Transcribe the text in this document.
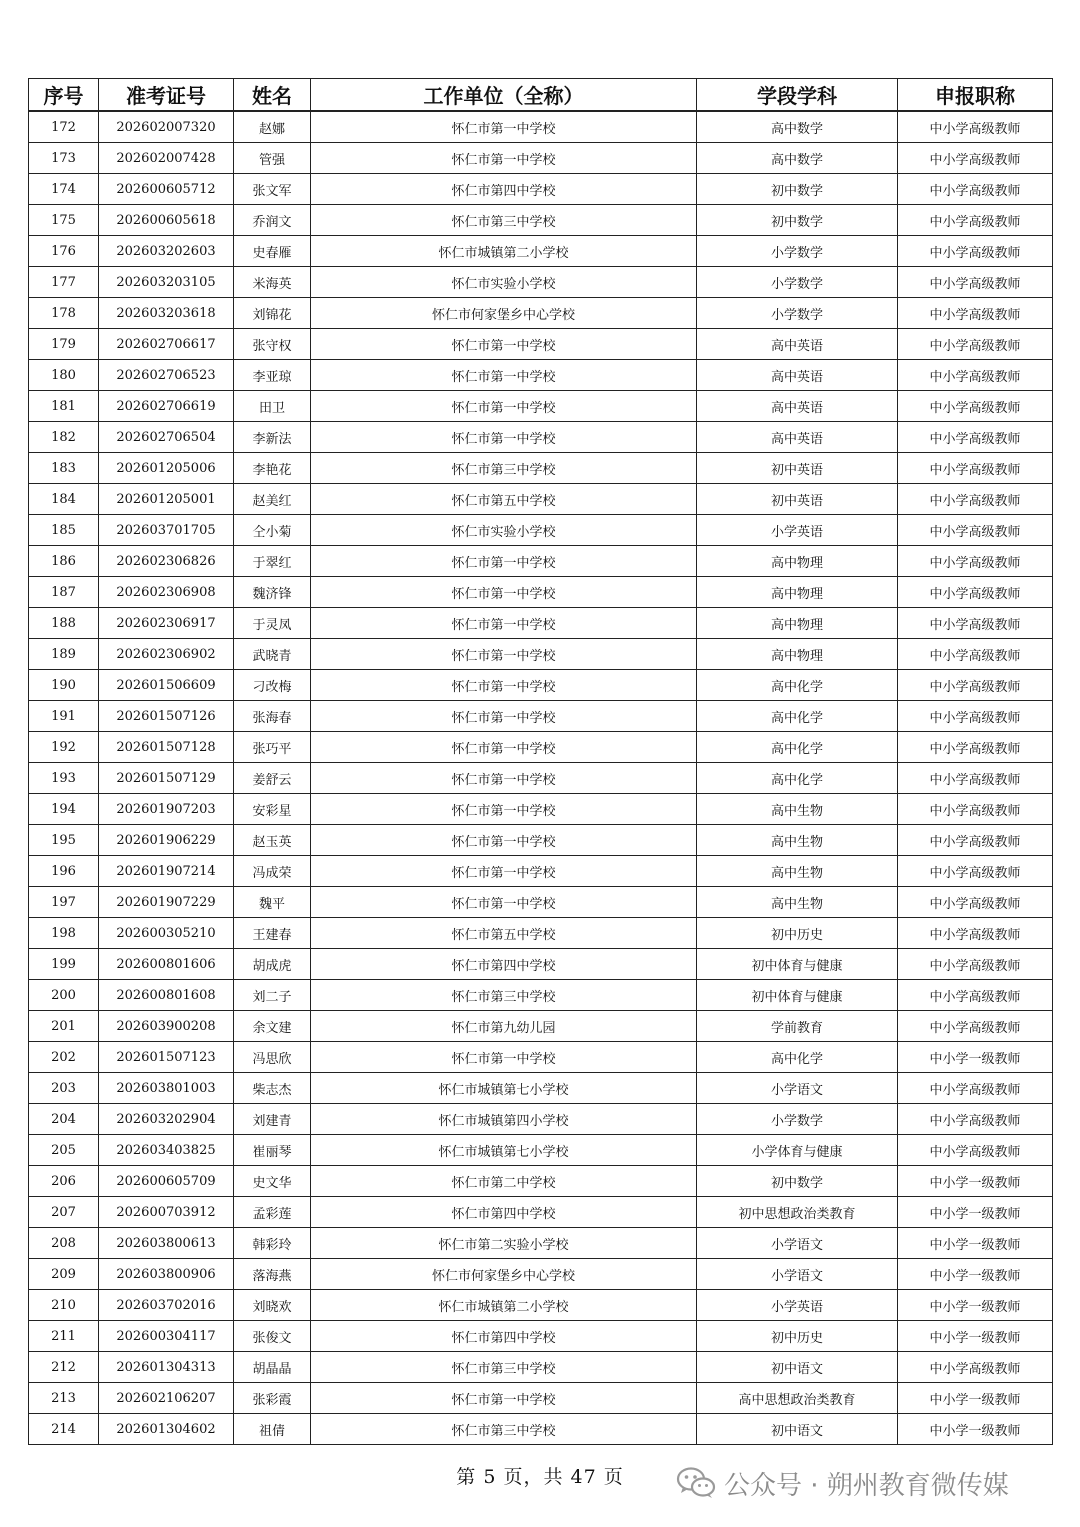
序号	准考证号	姓名	工作单位（全称）	学段学科	申报职称
172	202602007320	赵娜	怀仁市第一中学校	高中数学	中小学高级教师
173	202602007428	管强	怀仁市第一中学校	高中数学	中小学高级教师
174	202600605712	张文军	怀仁市第四中学校	初中数学	中小学高级教师
175	202600605618	乔润文	怀仁市第三中学校	初中数学	中小学高级教师
176	202603202603	史春雁	怀仁市城镇第二小学校	小学数学	中小学高级教师
177	202603203105	米海英	怀仁市实验小学校	小学数学	中小学高级教师
178	202603203618	刘锦花	怀仁市何家堡乡中心学校	小学数学	中小学高级教师
179	202602706617	张守权	怀仁市第一中学校	高中英语	中小学高级教师
180	202602706523	李亚琼	怀仁市第一中学校	高中英语	中小学高级教师
181	202602706619	田卫	怀仁市第一中学校	高中英语	中小学高级教师
182	202602706504	李新法	怀仁市第一中学校	高中英语	中小学高级教师
183	202601205006	李艳花	怀仁市第三中学校	初中英语	中小学高级教师
184	202601205001	赵美红	怀仁市第五中学校	初中英语	中小学高级教师
185	202603701705	仝小菊	怀仁市实验小学校	小学英语	中小学高级教师
186	202602306826	于翠红	怀仁市第一中学校	高中物理	中小学高级教师
187	202602306908	魏济锋	怀仁市第一中学校	高中物理	中小学高级教师
188	202602306917	于灵凤	怀仁市第一中学校	高中物理	中小学高级教师
189	202602306902	武晓青	怀仁市第一中学校	高中物理	中小学高级教师
190	202601506609	刁改梅	怀仁市第一中学校	高中化学	中小学高级教师
191	202601507126	张海春	怀仁市第一中学校	高中化学	中小学高级教师
192	202601507128	张巧平	怀仁市第一中学校	高中化学	中小学高级教师
193	202601507129	姜舒云	怀仁市第一中学校	高中化学	中小学高级教师
194	202601907203	安彩星	怀仁市第一中学校	高中生物	中小学高级教师
195	202601906229	赵玉英	怀仁市第一中学校	高中生物	中小学高级教师
196	202601907214	冯成荣	怀仁市第一中学校	高中生物	中小学高级教师
197	202601907229	魏平	怀仁市第一中学校	高中生物	中小学高级教师
198	202600305210	王建春	怀仁市第五中学校	初中历史	中小学高级教师
199	202600801606	胡成虎	怀仁市第四中学校	初中体育与健康	中小学高级教师
200	202600801608	刘二子	怀仁市第三中学校	初中体育与健康	中小学高级教师
201	202603900208	余文建	怀仁市第九幼儿园	学前教育	中小学高级教师
202	202601507123	冯思欣	怀仁市第一中学校	高中化学	中小学一级教师
203	202603801003	柴志杰	怀仁市城镇第七小学校	小学语文	中小学高级教师
204	202603202904	刘建青	怀仁市城镇第四小学校	小学数学	中小学高级教师
205	202603403825	崔丽琴	怀仁市城镇第七小学校	小学体育与健康	中小学高级教师
206	202600605709	史文华	怀仁市第二中学校	初中数学	中小学一级教师
207	202600703912	孟彩莲	怀仁市第四中学校	初中思想政治类教育	中小学一级教师
208	202603800613	韩彩玲	怀仁市第二实验小学校	小学语文	中小学一级教师
209	202603800906	落海燕	怀仁市何家堡乡中心学校	小学语文	中小学一级教师
210	202603702016	刘晓欢	怀仁市城镇第二小学校	小学英语	中小学一级教师
211	202600304117	张俊文	怀仁市第四中学校	初中历史	中小学一级教师
212	202601304313	胡晶晶	怀仁市第三中学校	初中语文	中小学高级教师
213	202602106207	张彩霞	怀仁市第一中学校	高中思想政治类教育	中小学一级教师
214	202601304602	祖倩	怀仁市第三中学校	初中语文	中小学一级教师
第 5 页，共 47 页	公众号 · 朔州教育微传媒
